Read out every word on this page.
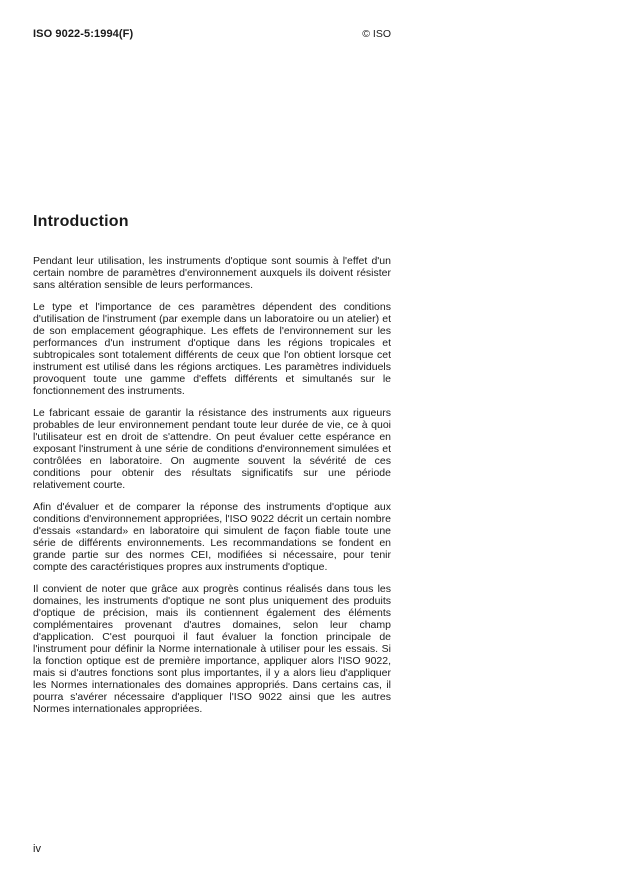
ISO 9022-5:1994(F)	© ISO
Introduction

Pendant leur utilisation, les instruments d'optique sont soumis à l'effet d'un certain nombre de paramètres d'environnement auxquels ils doivent résister sans altération sensible de leurs performances.

Le type et l'importance de ces paramètres dépendent des conditions d'utilisation de l'instrument (par exemple dans un laboratoire ou un atelier) et de son emplacement géographique. Les effets de l'environnement sur les performances d'un instrument d'optique dans les régions tropicales et subtropicales sont totalement différents de ceux que l'on obtient lorsque cet instrument est utilisé dans les régions arctiques. Les paramètres individuels provoquent toute une gamme d'effets différents et simultanés sur le fonctionnement des instruments.

Le fabricant essaie de garantir la résistance des instruments aux rigueurs probables de leur environnement pendant toute leur durée de vie, ce à quoi l'utilisateur est en droit de s'attendre. On peut évaluer cette espérance en exposant l'instrument à une série de conditions d'environnement simulées et contrôlées en laboratoire. On augmente souvent la sévérité de ces conditions pour obtenir des résultats significatifs sur une période relativement courte.

Afin d'évaluer et de comparer la réponse des instruments d'optique aux conditions d'environnement appropriées, l'ISO 9022 décrit un certain nombre d'essais «standard» en laboratoire qui simulent de façon fiable toute une série de différents environnements. Les recommandations se fondent en grande partie sur des normes CEI, modifiées si nécessaire, pour tenir compte des caractéristiques propres aux instruments d'optique.

Il convient de noter que grâce aux progrès continus réalisés dans tous les domaines, les instruments d'optique ne sont plus uniquement des produits d'optique de précision, mais ils contiennent également des éléments complémentaires provenant d'autres domaines, selon leur champ d'application. C'est pourquoi il faut évaluer la fonction principale de l'instrument pour définir la Norme internationale à utiliser pour les essais. Si la fonction optique est de première importance, appliquer alors l'ISO 9022, mais si d'autres fonctions sont plus importantes, il y a alors lieu d'appliquer les Normes internationales des domaines appropriés. Dans certains cas, il pourra s'avérer nécessaire d'appliquer l'ISO 9022 ainsi que les autres Normes internationales appropriées.

iv
